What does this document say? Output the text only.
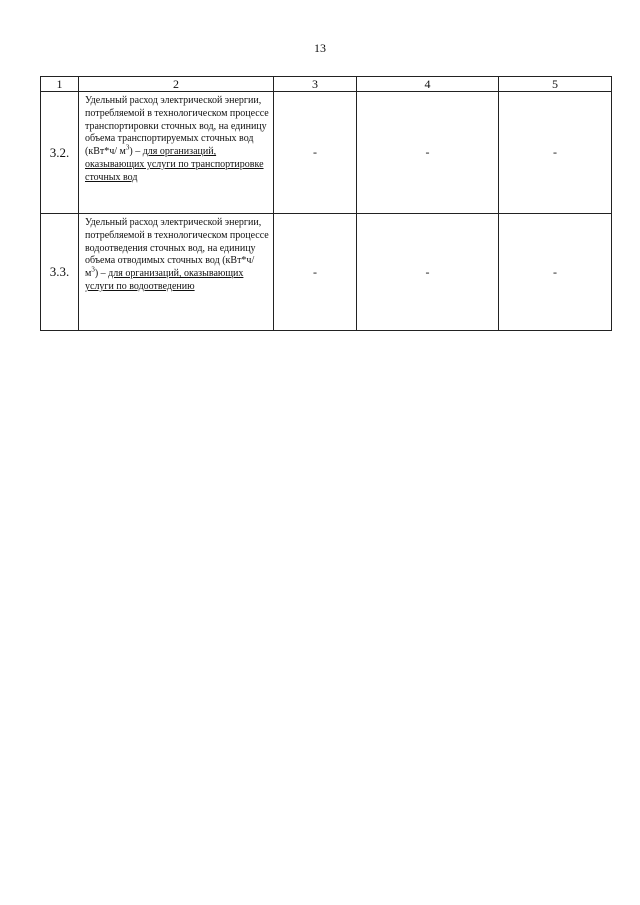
13
1	2	3	4	5
3.2.	Удельный расход электрической энергии, потребляемой в технологическом процессе транспортировки сточных вод, на единицу объема транспортируемых сточных вод (кВт*ч/ $м^3$) – для организаций, оказывающих услуги по транспортировке сточных вод	-	-	-
3.3.	Удельный расход электрической энергии, потребляемой в технологическом процессе водоотведения сточных вод, на единицу объема отводимых сточных вод (кВт*ч/ $м^3$) – для организаций, оказывающих услуги по водоотведению	-	-	-
